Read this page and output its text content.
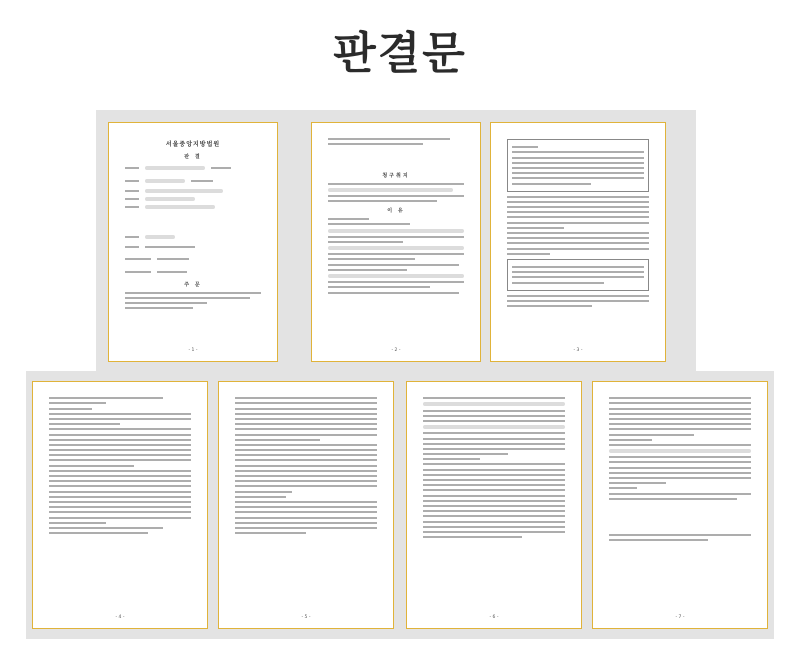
판결문
서울중앙지방법원
판 결
주 문
- 1 -
청구취지
이 유
- 2 -	- 3 -
- 4 -	- 5 -	- 6 -	- 7 -
